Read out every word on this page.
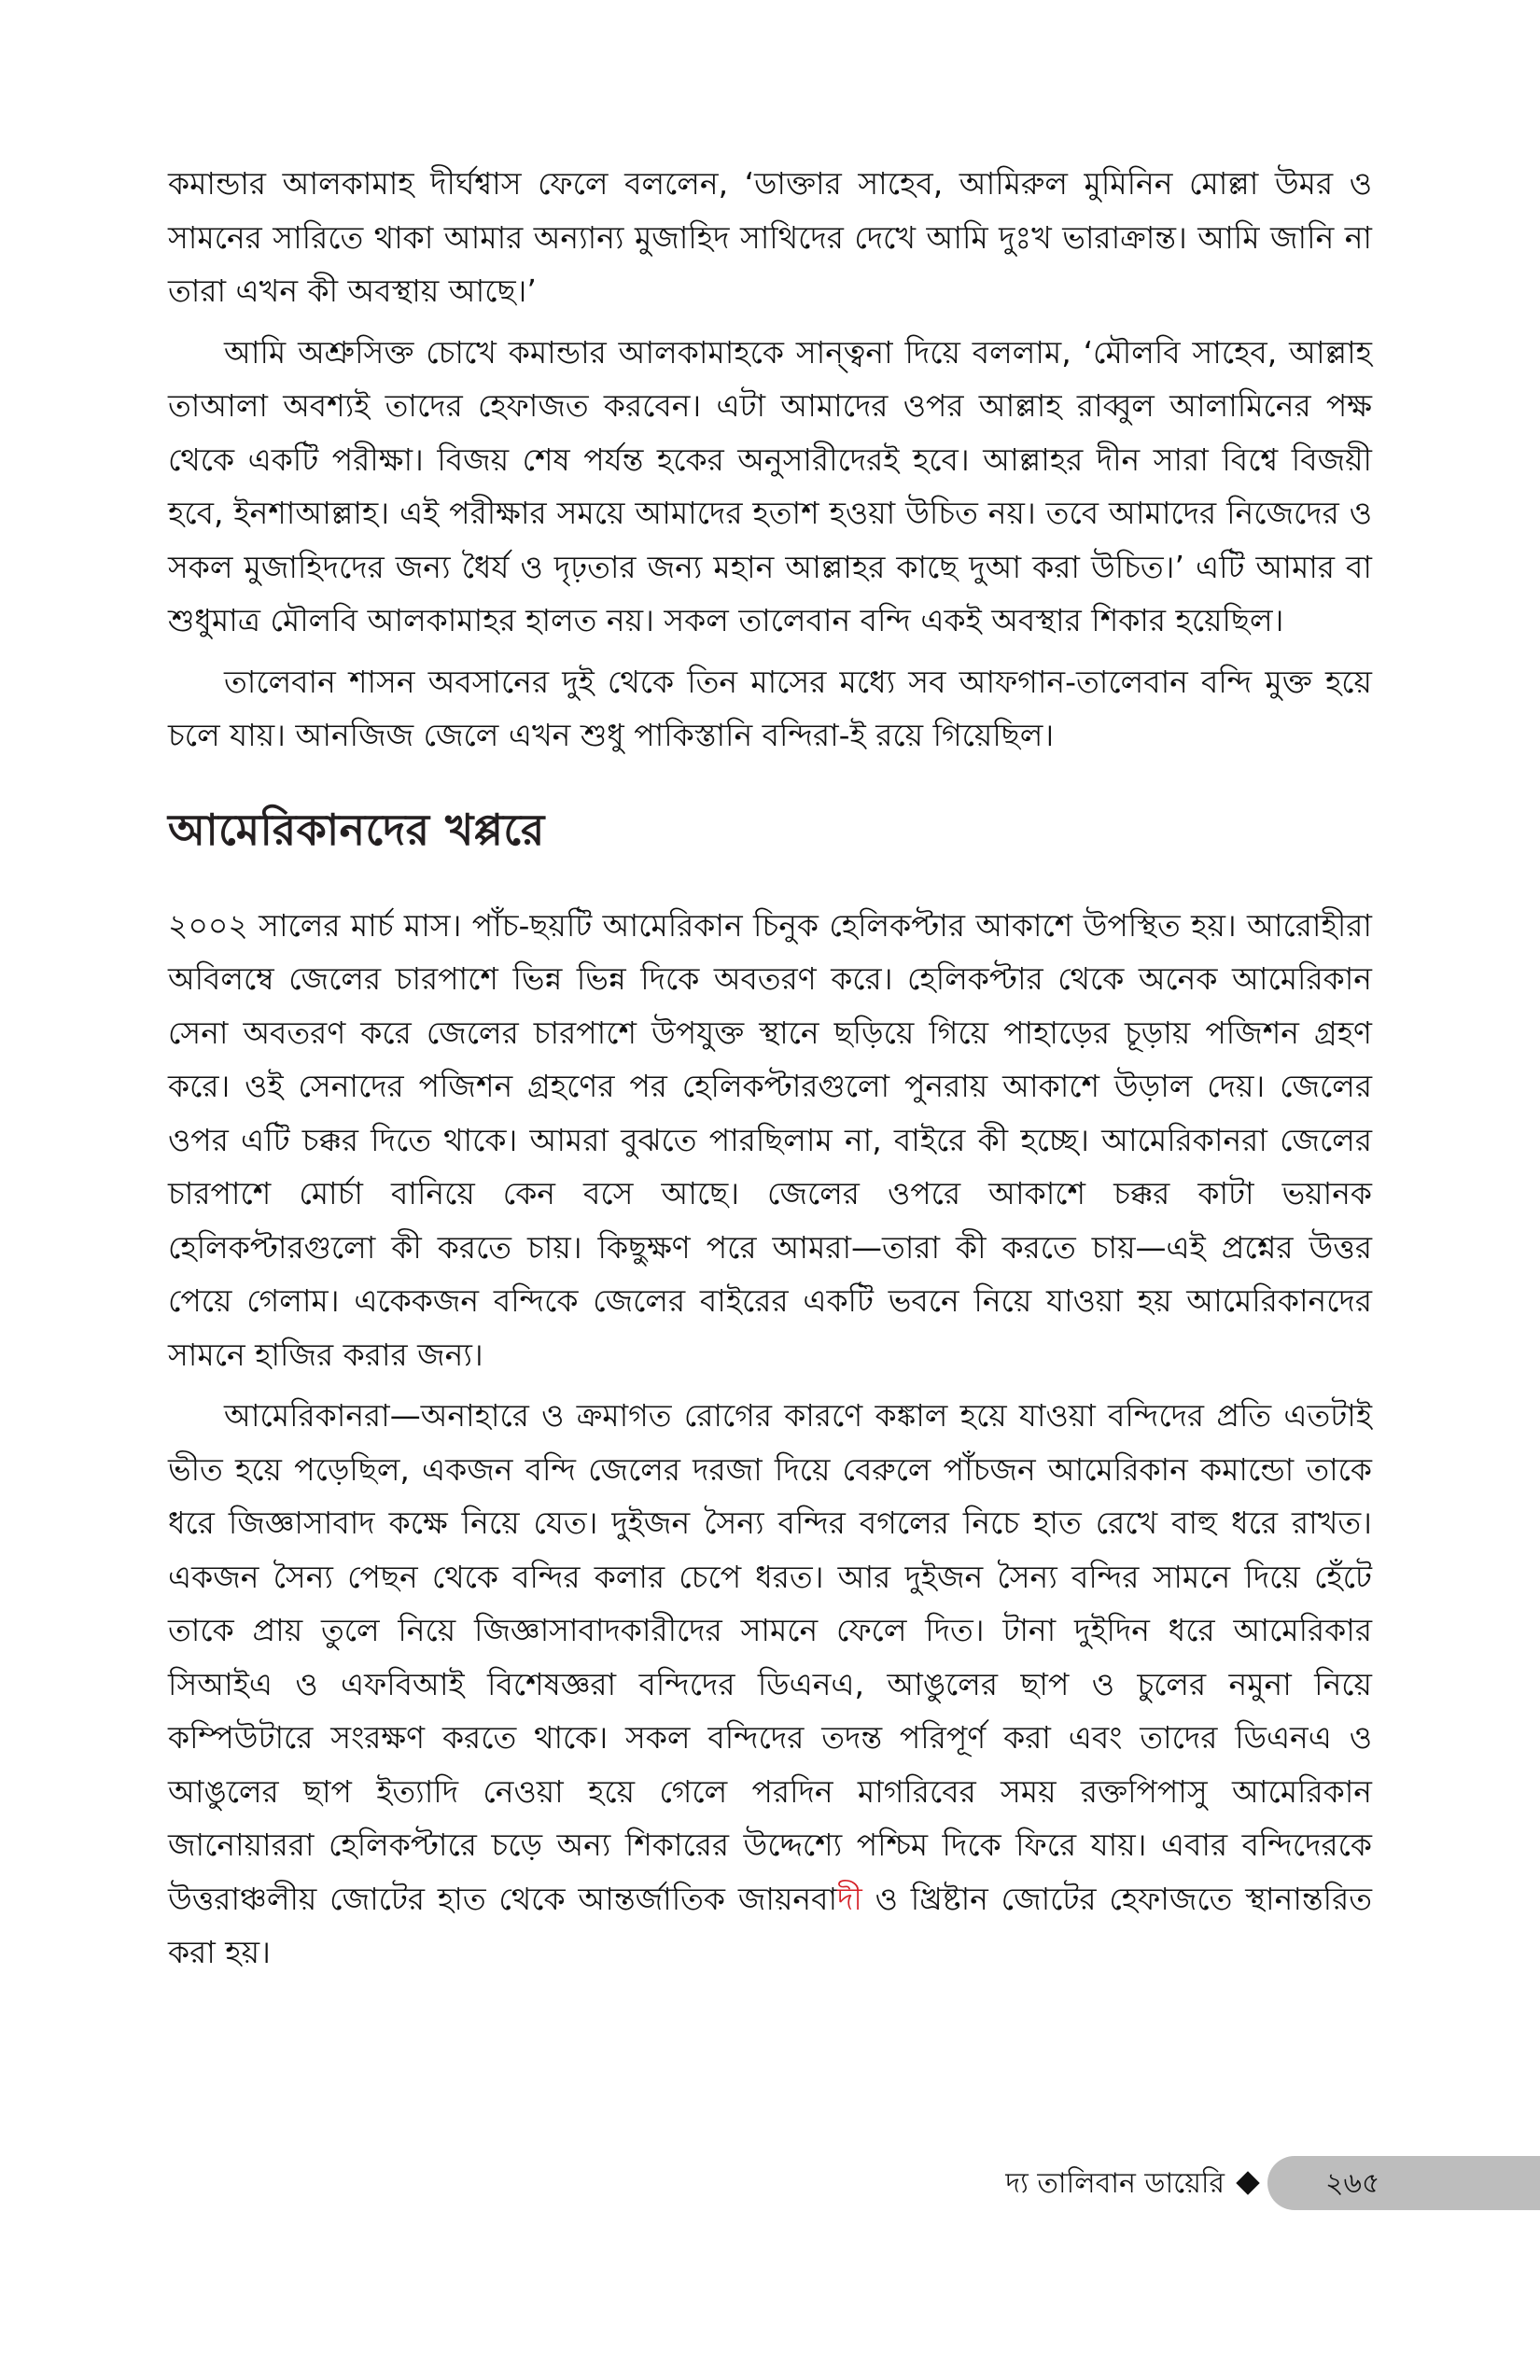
কমান্ডার আলকামাহ দীর্ঘশ্বাস ফেলে বললেন, ‘ডাক্তার সাহেব, আমিরুল মুমিনিন মোল্লা উমর ও সামনের সারিতে থাকা আমার অন্যান্য মুজাহিদ সাথিদের দেখে আমি দুঃখ ভারাক্রান্ত। আমি জানি না তারা এখন কী অবস্থায় আছে।’

আমি অশ্রুসিক্ত চোখে কমান্ডার আলকামাহকে সান্ত্বনা দিয়ে বললাম, ‘মৌলবি সাহেব, আল্লাহ তাআলা অবশ্যই তাদের হেফাজত করবেন। এটা আমাদের ওপর আল্লাহ রাব্বুল আলামিনের পক্ষ থেকে একটি পরীক্ষা। বিজয় শেষ পর্যন্ত হকের অনুসারীদেরই হবে। আল্লাহর দীন সারা বিশ্বে বিজয়ী হবে, ইনশাআল্লাহ। এই পরীক্ষার সময়ে আমাদের হতাশ হওয়া উচিত নয়। তবে আমাদের নিজেদের ও সকল মুজাহিদদের জন্য ধৈর্য ও দৃঢ়তার জন্য মহান আল্লাহর কাছে দুআ করা উচিত।’ এটি আমার বা শুধুমাত্র মৌলবি আলকামাহর হালত নয়। সকল তালেবান বন্দি একই অবস্থার শিকার হয়েছিল।

তালেবান শাসন অবসানের দুই থেকে তিন মাসের মধ্যে সব আফগান-তালেবান বন্দি মুক্ত হয়ে চলে যায়। আনজিজ জেলে এখন শুধু পাকিস্তানি বন্দিরা-ই রয়ে গিয়েছিল।

আমেরিকানদের খপ্পরে

২০০২ সালের মার্চ মাস। পাঁচ-ছয়টি আমেরিকান চিনুক হেলিকপ্টার আকাশে উপস্থিত হয়। আরোহীরা অবিলম্বে জেলের চারপাশে ভিন্ন ভিন্ন দিকে অবতরণ করে। হেলিকপ্টার থেকে অনেক আমেরিকান সেনা অবতরণ করে জেলের চারপাশে উপযুক্ত স্থানে ছড়িয়ে গিয়ে পাহাড়ের চূড়ায় পজিশন গ্রহণ করে। ওই সেনাদের পজিশন গ্রহণের পর হেলিকপ্টারগুলো পুনরায় আকাশে উড়াল দেয়। জেলের ওপর এটি চক্কর দিতে থাকে। আমরা বুঝতে পারছিলাম না, বাইরে কী হচ্ছে। আমেরিকানরা জেলের চারপাশে মোর্চা বানিয়ে কেন বসে আছে। জেলের ওপরে আকাশে চক্কর কাটা ভয়ানক হেলিকপ্টারগুলো কী করতে চায়। কিছুক্ষণ পরে আমরা—তারা কী করতে চায়—এই প্রশ্নের উত্তর পেয়ে গেলাম। একেকজন বন্দিকে জেলের বাইরের একটি ভবনে নিয়ে যাওয়া হয় আমেরিকানদের সামনে হাজির করার জন্য।

আমেরিকানরা—অনাহারে ও ক্রমাগত রোগের কারণে কঙ্কাল হয়ে যাওয়া বন্দিদের প্রতি এতটাই ভীত হয়ে পড়েছিল, একজন বন্দি জেলের দরজা দিয়ে বেরুলে পাঁচজন আমেরিকান কমান্ডো তাকে ধরে জিজ্ঞাসাবাদ কক্ষে নিয়ে যেত। দুইজন সৈন্য বন্দির বগলের নিচে হাত রেখে বাহু ধরে রাখত। একজন সৈন্য পেছন থেকে বন্দির কলার চেপে ধরত। আর দুইজন সৈন্য বন্দির সামনে দিয়ে হেঁটে তাকে প্রায় তুলে নিয়ে জিজ্ঞাসাবাদকারীদের সামনে ফেলে দিত। টানা দুইদিন ধরে আমেরিকার সিআইএ ও এফবিআই বিশেষজ্ঞরা বন্দিদের ডিএনএ, আঙুলের ছাপ ও চুলের নমুনা নিয়ে কম্পিউটারে সংরক্ষণ করতে থাকে। সকল বন্দিদের তদন্ত পরিপূর্ণ করা এবং তাদের ডিএনএ ও আঙুলের ছাপ ইত্যাদি নেওয়া হয়ে গেলে পরদিন মাগরিবের সময় রক্তপিপাসু আমেরিকান জানোয়াররা হেলিকপ্টারে চড়ে অন্য শিকারের উদ্দেশ্যে পশ্চিম দিকে ফিরে যায়। এবার বন্দিদেরকে উত্তরাঞ্চলীয় জোটের হাত থেকে আন্তর্জাতিক জায়নবাদী ও খ্রিষ্টান জোটের হেফাজতে স্থানান্তরিত করা হয়।

দ্য তালিবান ডায়েরি	২৬৫
